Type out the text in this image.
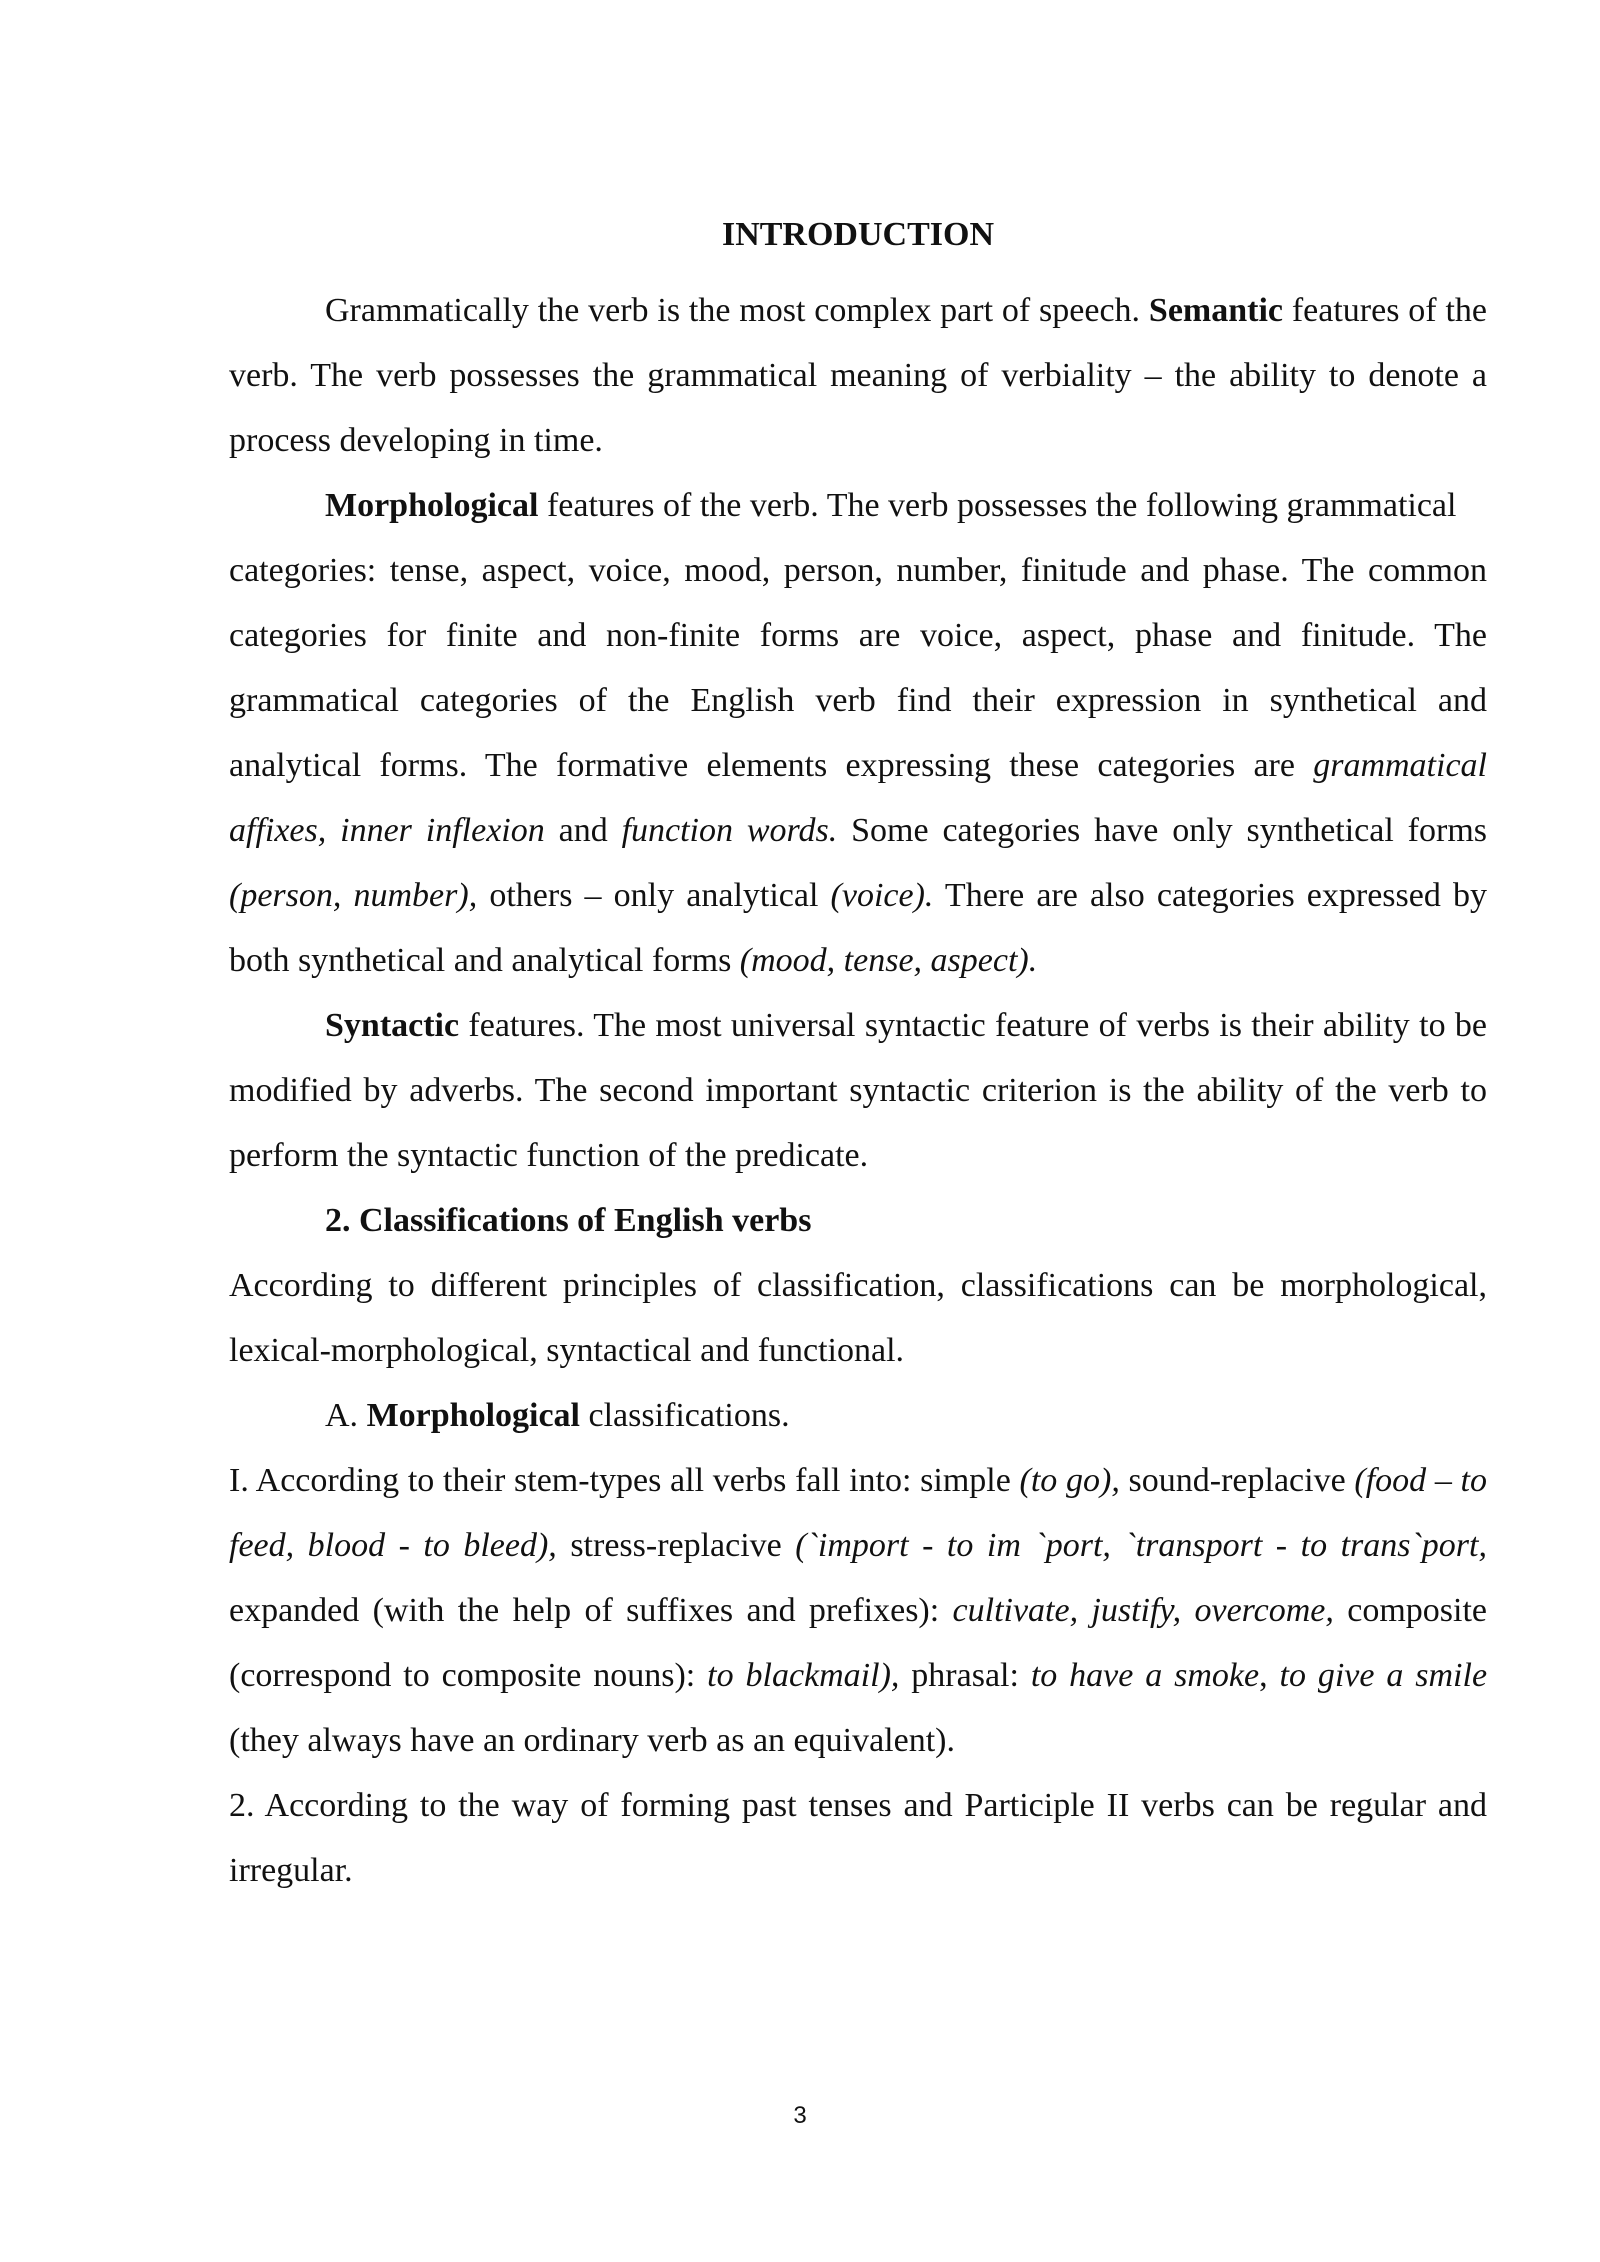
INTRODUCTION

Grammatically the verb is the most complex part of speech. Semantic features of the verb. The verb possesses the grammatical meaning of verbiality – the ability to denote a process developing in time.

Morphological features of the verb. The verb possesses the following grammatical

categories: tense, aspect, voice, mood, person, number, finitude and phase. The common categories for finite and non-finite forms are voice, aspect, phase and finitude. The grammatical categories of the English verb find their expression in synthetical and analytical forms. The formative elements expressing these categories are grammatical affixes, inner inflexion and function words. Some categories have only synthetical forms (person, number), others – only analytical (voice). There are also categories expressed by both synthetical and analytical forms (mood, tense, aspect).

Syntactic features. The most universal syntactic feature of verbs is their ability to be modified by adverbs. The second important syntactic criterion is the ability of the verb to perform the syntactic function of the predicate.

2. Classifications of English verbs

According to different principles of classification, classifications can be morphological, lexical-morphological, syntactical and functional.

A. Morphological classifications.

I. According to their stem-types all verbs fall into: simple (to go), sound-replacive (food – to feed, blood - to bleed), stress-replacive (`import - to im `port, `transport - to trans`port, expanded (with the help of suffixes and prefixes): cultivate, justify, overcome, composite (correspond to composite nouns): to blackmail), phrasal: to have a smoke, to give a smile (they always have an ordinary verb as an equivalent).

2. According to the way of forming past tenses and Participle II verbs can be regular and irregular.

3
